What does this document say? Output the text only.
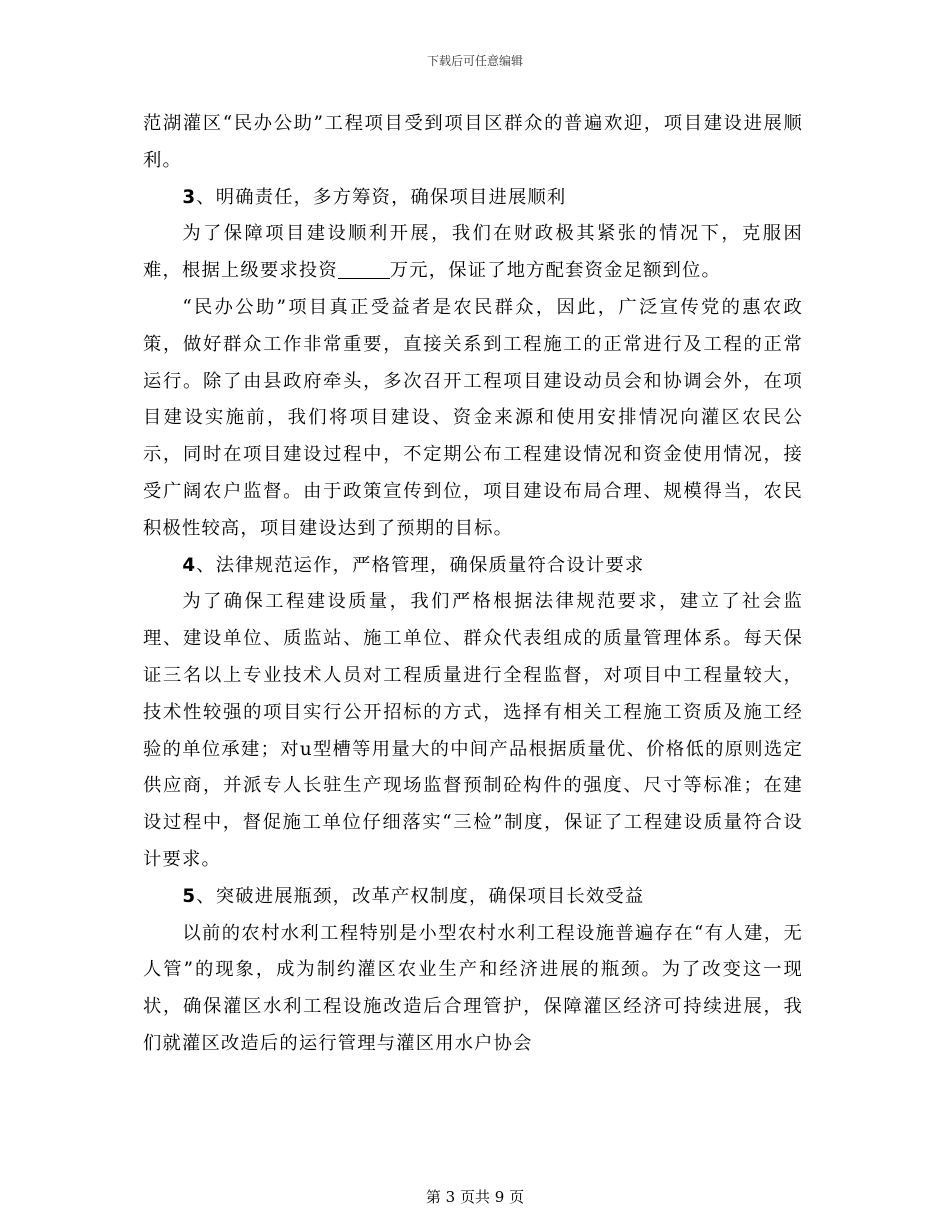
下载后可任意编辑

范湖灌区“民办公助”工程项目受到项目区群众的普遍欢迎，项目建设进展顺利。

3、明确责任，多方筹资，确保项目进展顺利

为了保障项目建设顺利开展，我们在财政极其紧张的情况下，克服困难，根据上级要求投资	万元，保证了地方配套资金足额到位。

“民办公助”项目真正受益者是农民群众，因此，广泛宣传党的惠农政策，做好群众工作非常重要，直接关系到工程施工的正常进行及工程的正常运行。除了由县政府牵头，多次召开工程项目建设动员会和协调会外，在项目建设实施前，我们将项目建设、资金来源和使用安排情况向灌区农民公示，同时在项目建设过程中，不定期公布工程建设情况和资金使用情况，接受广阔农户监督。由于政策宣传到位，项目建设布局合理、规模得当，农民积极性较高，项目建设达到了预期的目标。

4、法律规范运作，严格管理，确保质量符合设计要求

为了确保工程建设质量，我们严格根据法律规范要求，建立了社会监理、建设单位、质监站、施工单位、群众代表组成的质量管理体系。每天保证三名以上专业技术人员对工程质量进行全程监督，对项目中工程量较大，技术性较强的项目实行公开招标的方式，选择有相关工程施工资质及施工经验的单位承建；对u型槽等用量大的中间产品根据质量优、价格低的原则选定供应商，并派专人长驻生产现场监督预制砼构件的强度、尺寸等标准；在建设过程中，督促施工单位仔细落实“三检”制度，保证了工程建设质量符合设计要求。

5、突破进展瓶颈，改革产权制度，确保项目长效受益

以前的农村水利工程特别是小型农村水利工程设施普遍存在“有人建，无人管”的现象，成为制约灌区农业生产和经济进展的瓶颈。为了改变这一现状，确保灌区水利工程设施改造后合理管护，保障灌区经济可持续进展，我们就灌区改造后的运行管理与灌区用水户协会

第 3 页共 9 页
